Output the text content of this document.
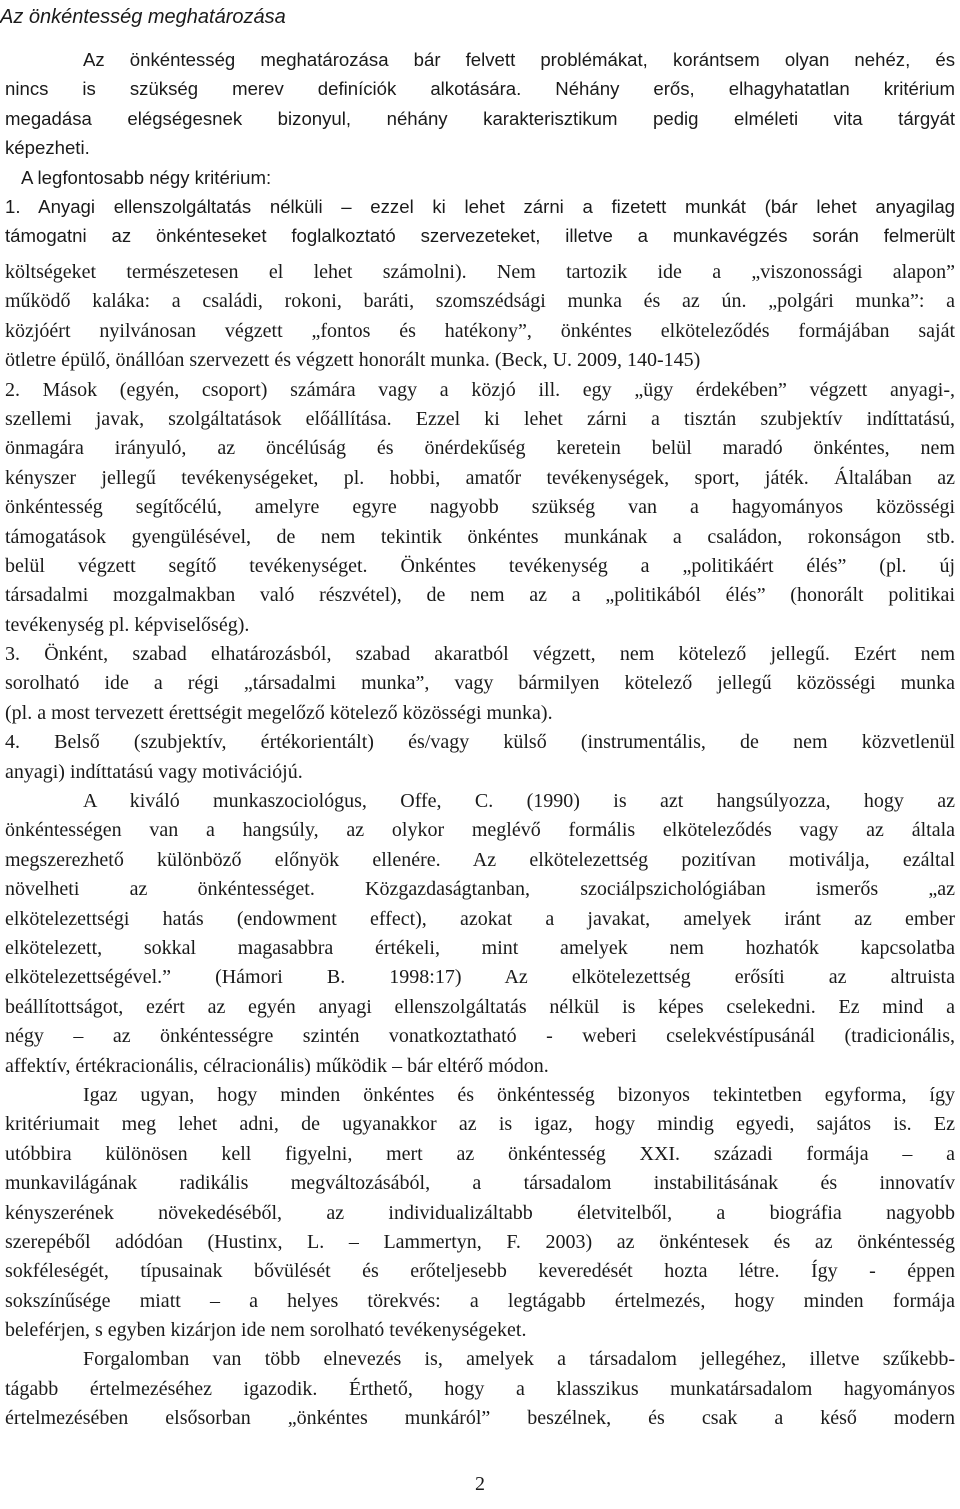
Az önkéntesség meghatározása
Az önkéntesség meghatározása bár felvett problémákat, korántsem olyan nehéz, és
nincs is szükség merev definíciók alkotására. Néhány erős, elhagyhatatlan kritérium
megadása elégségesnek bizonyul, néhány karakterisztikum pedig elméleti vita tárgyát
képezheti.
A legfontosabb négy kritérium:
1. Anyagi ellenszolgáltatás nélküli – ezzel ki lehet zárni a fizetett munkát (bár lehet anyagilag
támogatni az önkénteseket foglalkoztató szervezeteket, illetve a munkavégzés során felmerült
költségeket természetesen el lehet számolni). Nem tartozik ide a „viszonossági alapon”
működő kaláka: a családi, rokoni, baráti, szomszédsági munka és az ún. „polgári munka”: a
közjóért nyilvánosan végzett „fontos és hatékony”, önkéntes elköteleződés formájában saját
ötletre épülő, önállóan szervezett és végzett honorált munka. (Beck, U. 2009, 140-145)
2. Mások (egyén, csoport) számára vagy a közjó ill. egy „ügy érdekében” végzett anyagi-,
szellemi javak, szolgáltatások előállítása. Ezzel ki lehet zárni a tisztán szubjektív indíttatású,
önmagára irányuló, az öncélúság és önérdekűség keretein belül maradó önkéntes, nem
kényszer jellegű tevékenységeket, pl. hobbi, amatőr tevékenységek, sport, játék. Általában az
önkéntesség segítőcélú, amelyre egyre nagyobb szükség van a hagyományos közösségi
támogatások gyengülésével, de nem tekintik önkéntes munkának a családon, rokonságon stb.
belül végzett segítő tevékenységet. Önkéntes tevékenység a „politikáért élés” (pl. új
társadalmi mozgalmakban való részvétel), de nem az a „politikából élés” (honorált politikai
tevékenység pl. képviselőség).
3. Önként, szabad elhatározásból, szabad akaratból végzett, nem kötelező jellegű. Ezért nem
sorolható ide a régi „társadalmi munka”, vagy bármilyen kötelező jellegű közösségi munka
(pl. a most tervezett érettségit megelőző kötelező közösségi munka).
4. Belső (szubjektív, értékorientált) és/vagy külső (instrumentális, de nem közvetlenül
anyagi) indíttatású vagy motivációjú.
A kiváló munkaszociológus, Offe, C. (1990) is azt hangsúlyozza, hogy az
önkéntességen van a hangsúly, az olykor meglévő formális elköteleződés vagy az általa
megszerezhető különböző előnyök ellenére. Az elkötelezettség pozitívan motiválja, ezáltal
növelheti az önkéntességet. Közgazdaságtanban, szociálpszichológiában ismerős „az
elkötelezettségi hatás (endowment effect), azokat a javakat, amelyek iránt az ember
elkötelezett, sokkal magasabbra értékeli, mint amelyek nem hozhatók kapcsolatba
elkötelezettségével.” (Hámori B. 1998:17) Az elkötelezettség erősíti az altruista
beállítottságot, ezért az egyén anyagi ellenszolgáltatás nélkül is képes cselekedni. Ez mind a
négy – az önkéntességre szintén vonatkoztatható - weberi cselekvéstípusánál (tradicionális,
affektív, értékracionális, célracionális) működik – bár eltérő módon.
Igaz ugyan, hogy minden önkéntes és önkéntesség bizonyos tekintetben egyforma, így
kritériumait meg lehet adni, de ugyanakkor az is igaz, hogy mindig egyedi, sajátos is. Ez
utóbbira különösen kell figyelni, mert az önkéntesség XXI. századi formája – a
munkavilágának radikális megváltozásából, a társadalom instabilitásának és innovatív
kényszerének növekedéséből, az individualizáltabb életvitelből, a biográfia nagyobb
szerepéből adódóan (Hustinx, L. – Lammertyn, F. 2003) az önkéntesek és az önkéntesség
sokféleségét, típusainak bővülését és erőteljesebb keveredését hozta létre. Így - éppen
sokszínűsége miatt – a helyes törekvés: a legtágabb értelmezés, hogy minden formája
beleférjen, s egyben kizárjon ide nem sorolható tevékenységeket.
Forgalomban van több elnevezés is, amelyek a társadalom jellegéhez, illetve szűkebb-
tágabb értelmezéséhez igazodik. Érthető, hogy a klasszikus munkatársadalom hagyományos
értelmezésében elsősorban „önkéntes munkáról” beszélnek, és csak a késő modern
2
